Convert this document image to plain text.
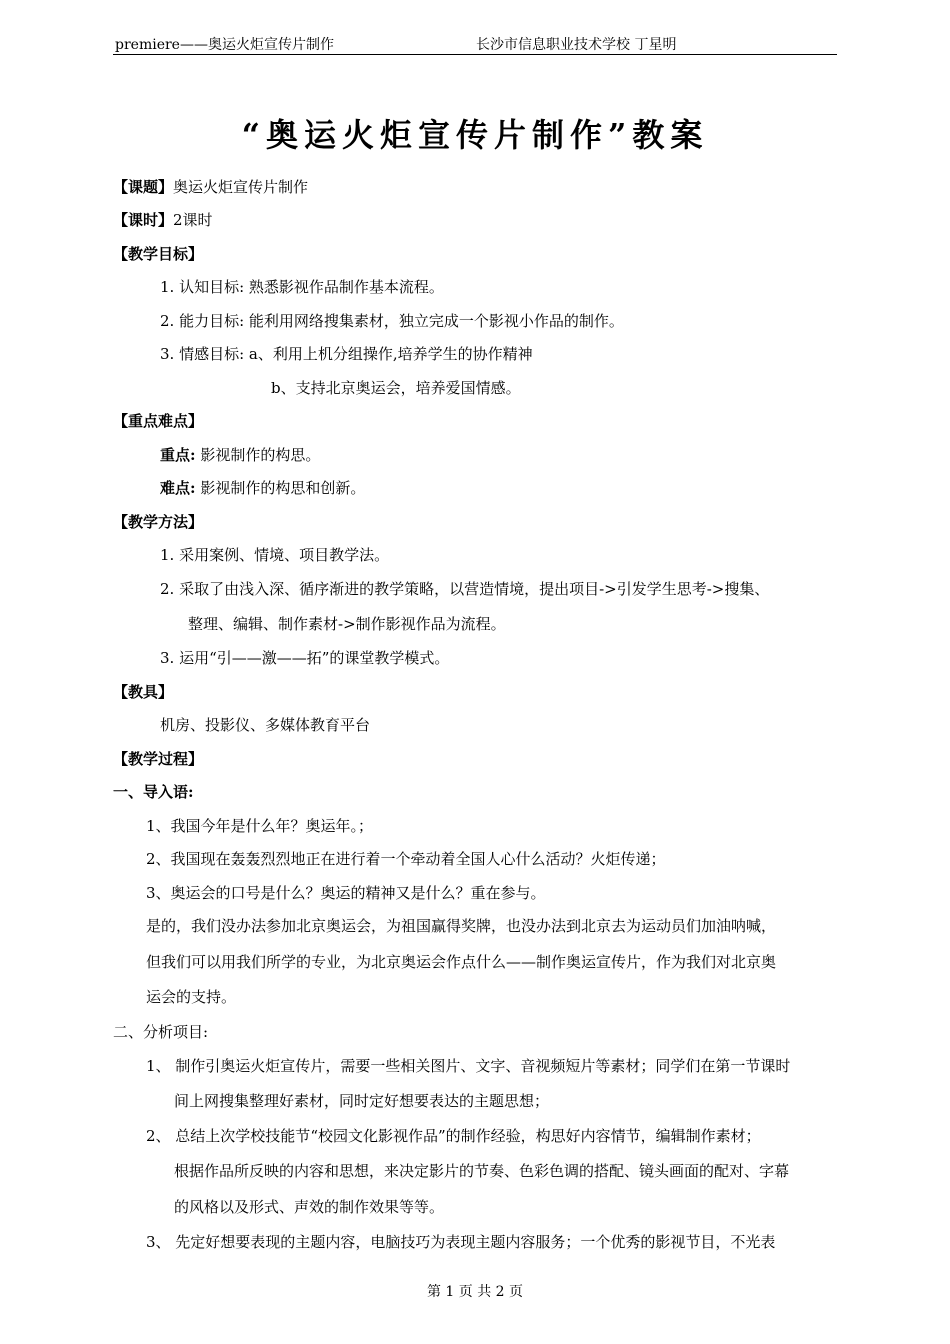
premiere——奥运火炬宣传片制作	长沙市信息职业技术学校 丁星明
“奥运火炬宣传片制作”教案
【课题】奥运火炬宣传片制作
【课时】2课时
【教学目标】
1. 认知目标: 熟悉影视作品制作基本流程。
2. 能力目标: 能利用网络搜集素材，独立完成一个影视小作品的制作。
3. 情感目标: a、利用上机分组操作,培养学生的协作精神
b、支持北京奥运会，培养爱国情感。
【重点难点】
重点: 影视制作的构思。
难点: 影视制作的构思和创新。
【教学方法】
1. 采用案例、情境、项目教学法。
2. 采取了由浅入深、循序渐进的教学策略，以营造情境，提出项目->引发学生思考->搜集、
整理、编辑、制作素材->制作影视作品为流程。
3. 运用“引——激——拓”的课堂教学模式。
【教具】
机房、投影仪、多媒体教育平台
【教学过程】
一、导入语:
1、我国今年是什么年？奥运年。；
2、我国现在轰轰烈烈地正在进行着一个牵动着全国人心什么活动？火炬传递；
3、奥运会的口号是什么？奥运的精神又是什么？重在参与。
是的，我们没办法参加北京奥运会，为祖国赢得奖牌，也没办法到北京去为运动员们加油呐喊，
但我们可以用我们所学的专业，为北京奥运会作点什么——制作奥运宣传片，作为我们对北京奥
运会的支持。
二、分析项目:
1、 制作引奥运火炬宣传片，需要一些相关图片、文字、音视频短片等素材；同学们在第一节课时
间上网搜集整理好素材，同时定好想要表达的主题思想；
2、 总结上次学校技能节“校园文化影视作品”的制作经验，构思好内容情节，编辑制作素材；
根据作品所反映的内容和思想，来决定影片的节奏、色彩色调的搭配、镜头画面的配对、字幕
的风格以及形式、声效的制作效果等等。
3、 先定好想要表现的主题内容，电脑技巧为表现主题内容服务；一个优秀的影视节目，不光表
第 1 页 共 2 页
